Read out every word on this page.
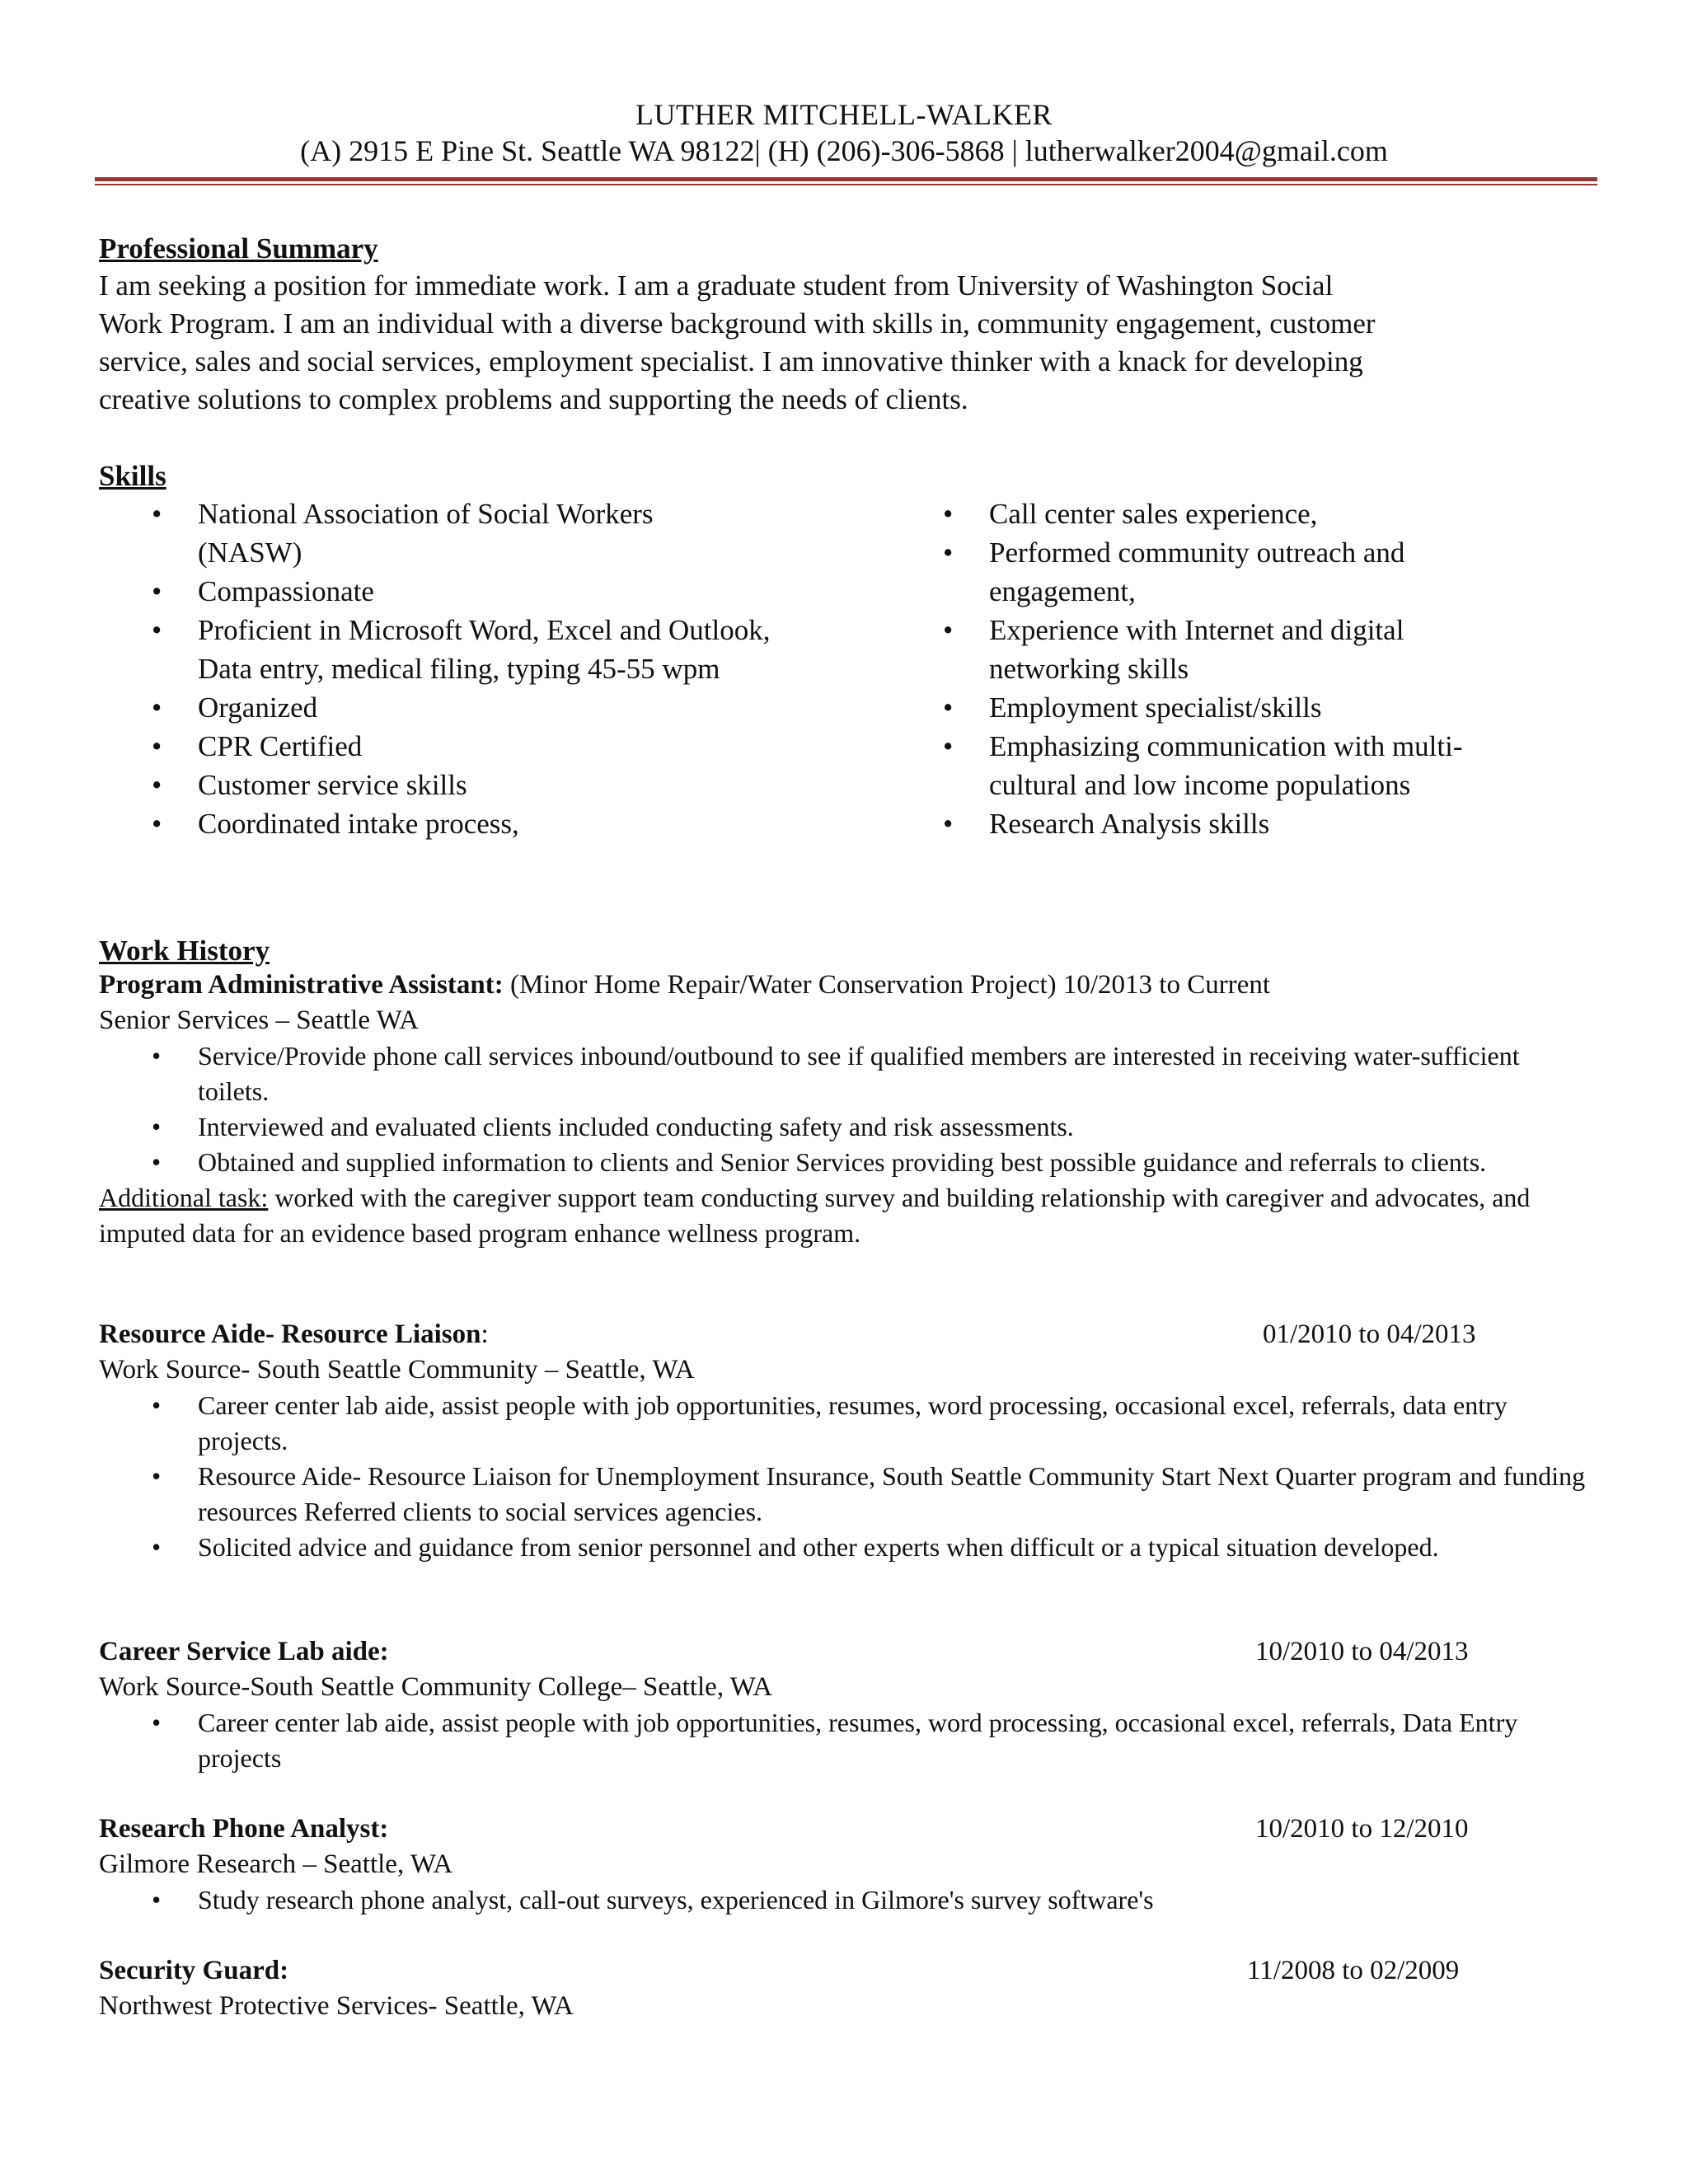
LUTHER MITCHELL-WALKER
(A) 2915 E Pine St. Seattle WA 98122| (H) (206)-306-5868 | lutherwalker2004@gmail.com
Professional Summary
I am seeking a position for immediate work. I am a graduate student from University of Washington Social
Work Program. I am an individual with a diverse background with skills in, community engagement, customer
service, sales and social services, employment specialist. I am innovative thinker with a knack for developing
creative solutions to complex problems and supporting the needs of clients.
Skills
• National Association of Social Workers (NASW)
• Compassionate
• Proficient in Microsoft Word, Excel and Outlook, Data entry, medical filing, typing 45-55 wpm
• Organized
• CPR Certified
• Customer service skills
• Coordinated intake process,
• Call center sales experience,
• Performed community outreach and engagement,
• Experience with Internet and digital networking skills
• Employment specialist/skills
• Emphasizing communication with multi-cultural and low income populations
• Research Analysis skills
Work History
Program Administrative Assistant: (Minor Home Repair/Water Conservation Project) 10/2013 to Current
Senior Services – Seattle WA
• Service/Provide phone call services inbound/outbound to see if qualified members are interested in receiving water-sufficient toilets.
• Interviewed and evaluated clients included conducting safety and risk assessments.
• Obtained and supplied information to clients and Senior Services providing best possible guidance and referrals to clients.
Additional task: worked with the caregiver support team conducting survey and building relationship with caregiver and advocates, and imputed data for an evidence based program enhance wellness program.
Resource Aide- Resource Liaison:	01/2010 to 04/2013
Work Source- South Seattle Community – Seattle, WA
• Career center lab aide, assist people with job opportunities, resumes, word processing, occasional excel, referrals, data entry projects.
• Resource Aide- Resource Liaison for Unemployment Insurance, South Seattle Community Start Next Quarter program and funding resources Referred clients to social services agencies.
• Solicited advice and guidance from senior personnel and other experts when difficult or a typical situation developed.
Career Service Lab aide:	10/2010 to 04/2013
Work Source-South Seattle Community College– Seattle, WA
• Career center lab aide, assist people with job opportunities, resumes, word processing, occasional excel, referrals, Data Entry projects
Research Phone Analyst:	10/2010 to 12/2010
Gilmore Research – Seattle, WA
• Study research phone analyst, call-out surveys, experienced in Gilmore's survey software's
Security Guard:	11/2008 to 02/2009
Northwest Protective Services- Seattle, WA
